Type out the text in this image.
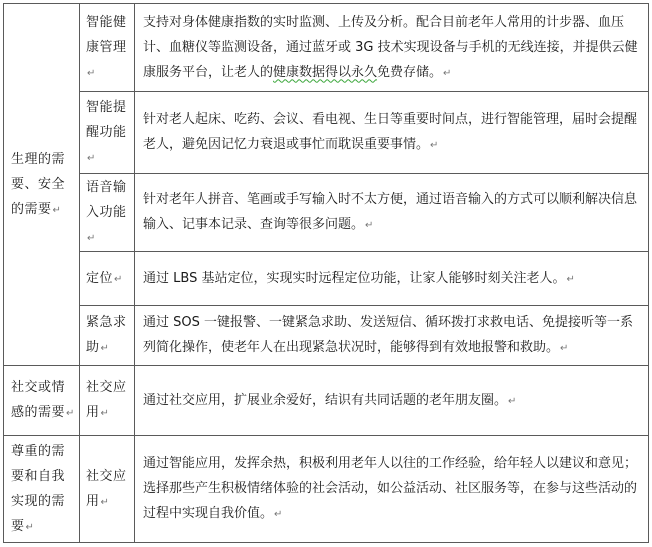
生理的需要、安全的需要↵	智能健康管理↵	支持对身体健康指数的实时监测、上传及分析。配合目前老年人常用的计步器、血压计、血糖仪等监测设备，通过蓝牙或 3G 技术实现设备与手机的无线连接，并提供云健康服务平台，让老人的健康数据得以永久免费存储。↵
	智能提醒功能↵	针对老人起床、吃药、会议、看电视、生日等重要时间点，进行智能管理，届时会提醒老人，避免因记忆力衰退或事忙而耽误重要事情。↵
	语音输入功能↵	针对老年人拼音、笔画或手写输入时不太方便，通过语音输入的方式可以顺利解决信息输入、记事本记录、查询等很多问题。↵
	定位↵	通过 LBS 基站定位，实现实时远程定位功能，让家人能够时刻关注老人。↵
	紧急求助↵	通过 SOS 一键报警、一键紧急求助、发送短信、循环拨打求救电话、免提接听等一系列简化操作，使老年人在出现紧急状况时，能够得到有效地报警和救助。↵
社交或情感的需要↵	社交应用↵	通过社交应用，扩展业余爱好，结识有共同话题的老年朋友圈。↵
尊重的需要和自我实现的需要↵	社交应用↵	通过智能应用，发挥余热，积极利用老年人以往的工作经验，给年轻人以建议和意见；选择那些产生积极情绪体验的社会活动，如公益活动、社区服务等，在参与这些活动的过程中实现自我价值。↵
